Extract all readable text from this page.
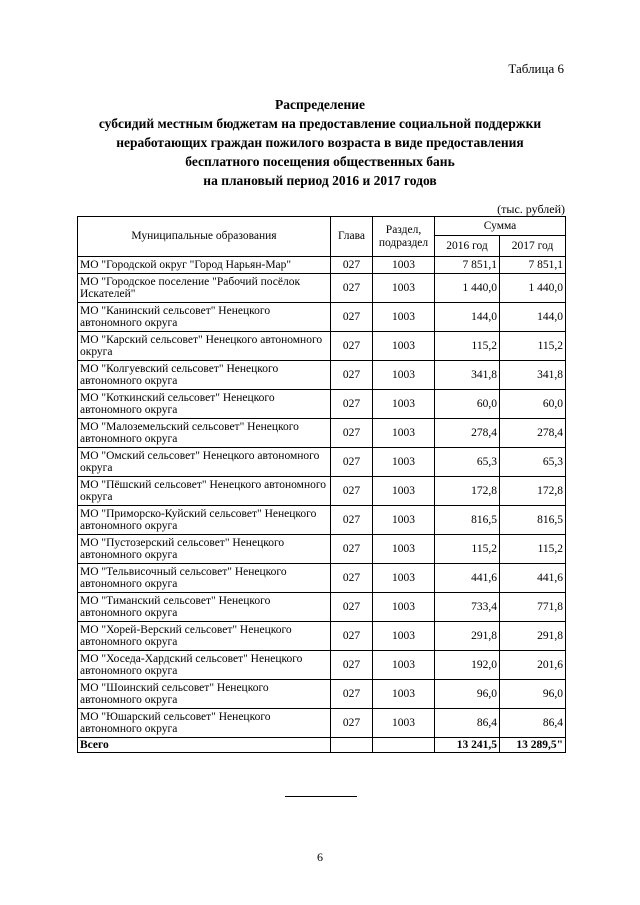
Таблица 6
Распределение
субсидий местным бюджетам на предоставление социальной поддержки
неработающих граждан пожилого возраста в виде предоставления
бесплатного посещения общественных бань
на плановый период 2016 и 2017 годов
(тыс. рублей)
Муниципальные образования	Глава	Раздел, подраздел	Сумма	
			2016 год	2017 год
МО "Городской округ "Город Нарьян-Мар"	027	1003	7 851,1	7 851,1
МО "Городское поселение "Рабочий посёлок Искателей"	027	1003	1 440,0	1 440,0
МО "Канинский сельсовет" Ненецкого автономного округа	027	1003	144,0	144,0
МО "Карский сельсовет" Ненецкого автономного округа	027	1003	115,2	115,2
МО "Колгуевский сельсовет" Ненецкого автономного округа	027	1003	341,8	341,8
МО "Коткинский сельсовет" Ненецкого автономного округа	027	1003	60,0	60,0
МО "Малоземельский сельсовет" Ненецкого автономного округа	027	1003	278,4	278,4
МО "Омский сельсовет" Ненецкого автономного округа	027	1003	65,3	65,3
МО "Пёшский сельсовет" Ненецкого автономного округа	027	1003	172,8	172,8
МО "Приморско-Куйский сельсовет" Ненецкого автономного округа	027	1003	816,5	816,5
МО "Пустозерский сельсовет" Ненецкого автономного округа	027	1003	115,2	115,2
МО "Тельвисочный сельсовет" Ненецкого автономного округа	027	1003	441,6	441,6
МО "Тиманский сельсовет" Ненецкого автономного округа	027	1003	733,4	771,8
МО "Хорей-Верский сельсовет" Ненецкого автономного округа	027	1003	291,8	291,8
МО "Хоседа-Хардский сельсовет" Ненецкого автономного округа	027	1003	192,0	201,6
МО "Шоинский сельсовет" Ненецкого автономного округа	027	1003	96,0	96,0
МО "Юшарский сельсовет" Ненецкого автономного округа	027	1003	86,4	86,4
Всего			13 241,5	13 289,5"
6
